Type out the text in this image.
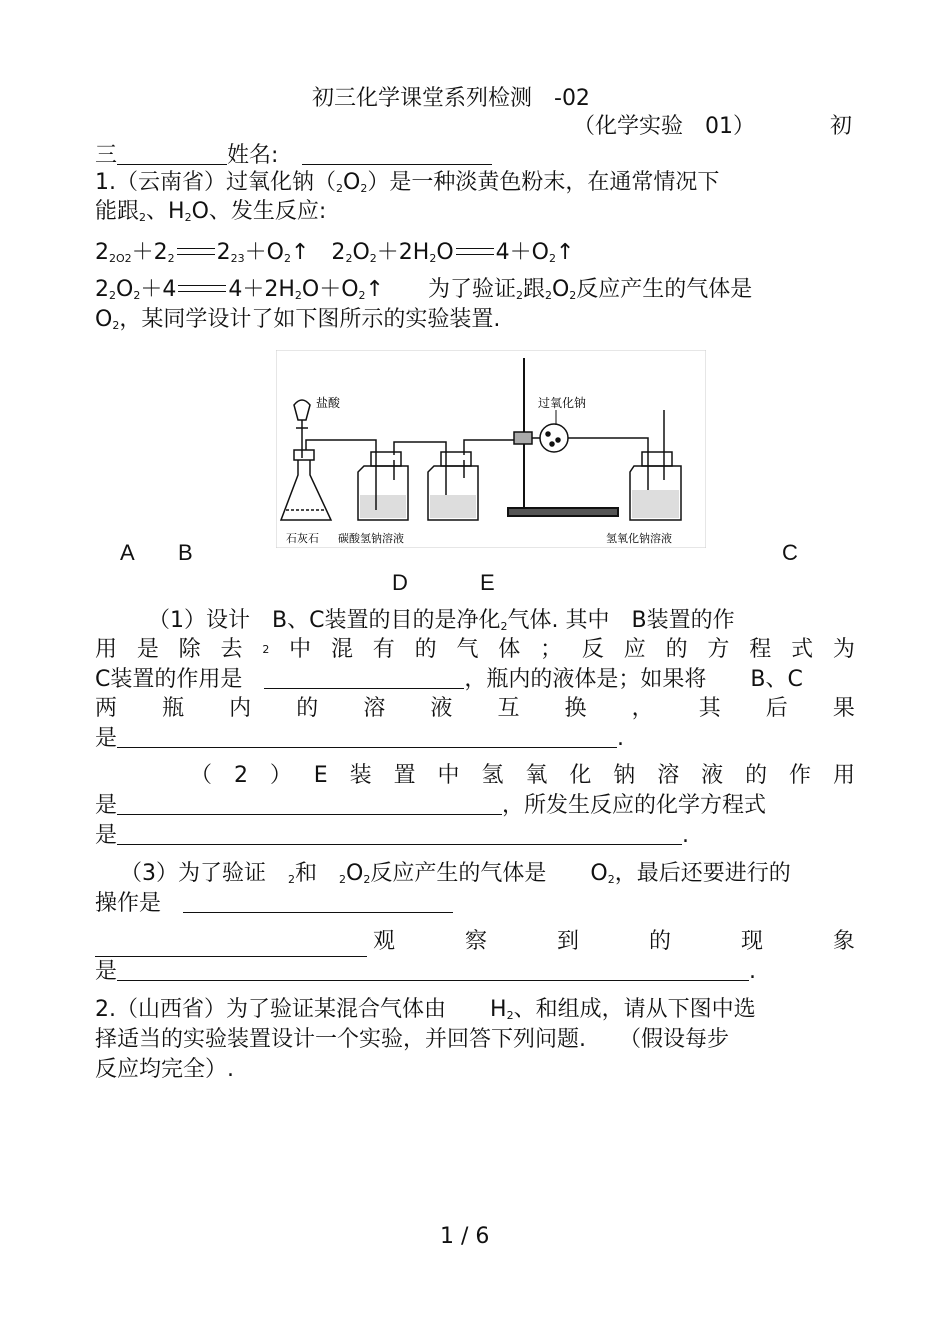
初三化学课堂系列检测　-02
（化学实验　01）	初
三	姓名:
1.（云南省）过氧化钠$(_2O_2)$是一种淡黄色粉末，在通常情况下
能跟$_2$、$H_2O$、发生反应:
$2_{2O2}+2_2$ $2_{23}+O_2↑$　$2_2O_2+2H_2O$ $4+O_2↑$
$2_2O_2+4$ $4+2H_2O+O_2↑$　　为了验证$_2$跟$_2O_2$反应产生的气体是
$O_2$，某同学设计了如下图所示的实验装置.
盐酸
石灰石 碳酸氢钠溶液
过氧化钠
氢氧化钠溶液
A B	C
D	E
（1）设计　 B、C装置的目的是净化$_2$气体. 其中　 B装置的作
用 是 除 去 2 中 混 有 的 气 体 ； 反 应 的 方 程 式 为
C装置的作用是　	，瓶内的液体是；如果将　　 B、C
两 瓶 内 的 溶 液 互 换 ， 其 后 果
是	.
（ 2 ） E 装 置 中 氢 氧 化 钠 溶 液 的 作 用
是	，所发生反应的化学方程式
是	.
（3）为了验证　 $_2$和　 $_2O_2$反应产生的气体是　　 $O_2$，最后还要进行的
操作是　
观	察	到	的	现	象
是	.
2.（山西省）为了验证某混合气体由　　 $H_2$、和组成，请从下图中选
择适当的实验装置设计一个实验，并回答下列问题.　　（假设每步
反应均完全）.
1 / 6
